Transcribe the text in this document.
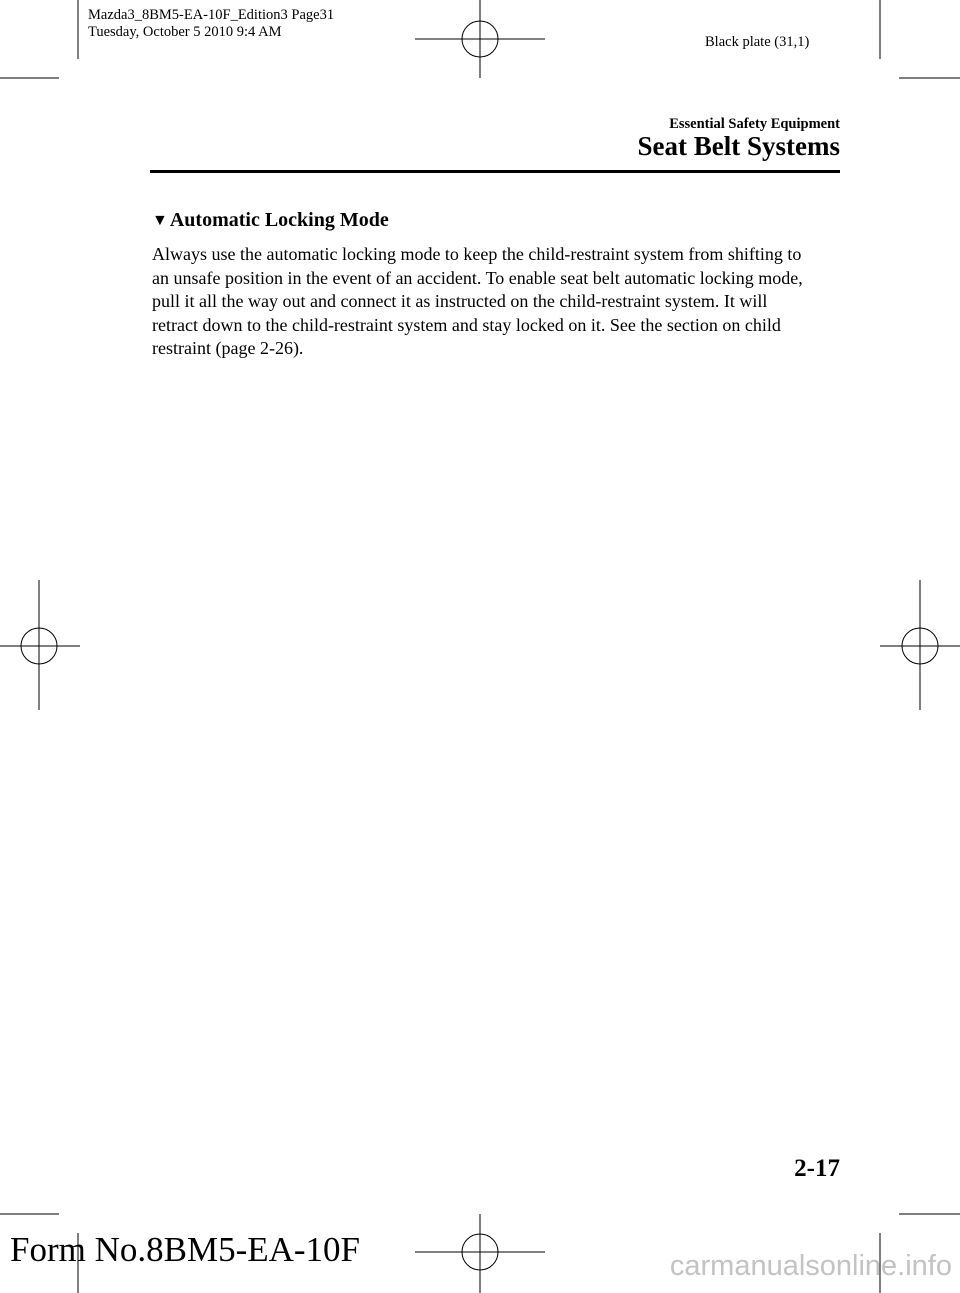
Mazda3_8BM5-EA-10F_Edition3 Page31
Tuesday, October 5 2010 9:4 AM
Black plate (31,1)
Essential Safety Equipment
Seat Belt Systems
▼ Automatic Locking Mode
Always use the automatic locking mode to keep the child-restraint system from shifting to
an unsafe position in the event of an accident. To enable seat belt automatic locking mode,
pull it all the way out and connect it as instructed on the child-restraint system. It will
retract down to the child-restraint system and stay locked on it. See the section on child
restraint (page 2-26).
2-17
Form No.8BM5-EA-10F	carmanualsonline.info
